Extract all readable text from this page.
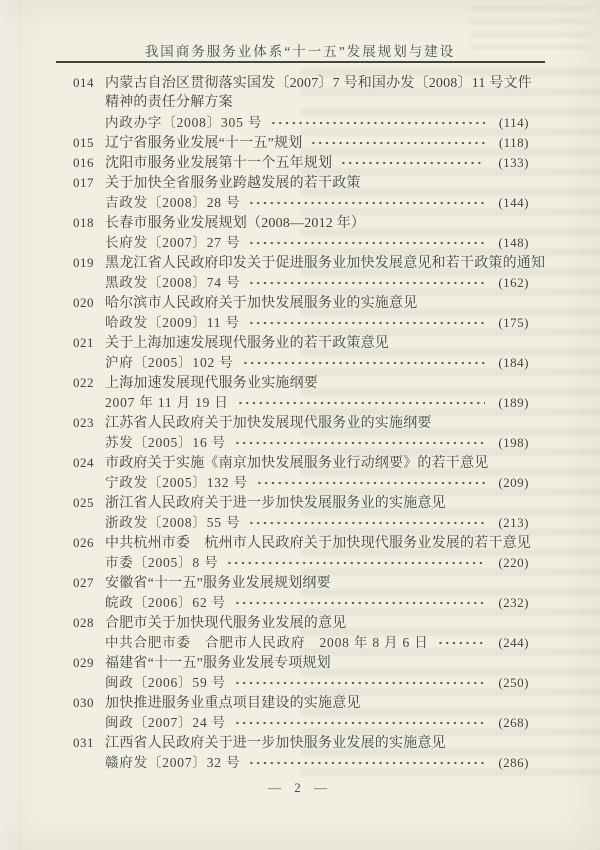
我国商务服务业体系“十一五”发展规划与建设
014 内蒙古自治区贯彻落实国发〔2007〕7 号和国办发〔2008〕11 号文件
精神的责任分解方案
内政办字〔2008〕305 号	(114)
015 辽宁省服务业发展“十一五”规划	(118)
016 沈阳市服务业发展第十一个五年规划	(133)
017 关于加快全省服务业跨越发展的若干政策
吉政发〔2008〕28 号	(144)
018 长春市服务业发展规划（2008—2012 年）
长府发〔2007〕27 号	(148)
019 黑龙江省人民政府印发关于促进服务业加快发展意见和若干政策的通知
黑政发〔2008〕74 号	(162)
020 哈尔滨市人民政府关于加快发展服务业的实施意见
哈政发〔2009〕11 号	(175)
021 关于上海加速发展现代服务业的若干政策意见
沪府〔2005〕102 号	(184)
022 上海加速发展现代服务业实施纲要
2007 年 11 月 19 日	(189)
023 江苏省人民政府关于加快发展现代服务业的实施纲要
苏发〔2005〕16 号	(198)
024 市政府关于实施《南京加快发展服务业行动纲要》的若干意见
宁政发〔2005〕132 号	(209)
025 浙江省人民政府关于进一步加快发展服务业的实施意见
浙政发〔2008〕55 号	(213)
026 中共杭州市委　杭州市人民政府关于加快现代服务业发展的若干意见
市委〔2005〕8 号	(220)
027 安徽省“十一五”服务业发展规划纲要
皖政〔2006〕62 号	(232)
028 合肥市关于加快现代服务业发展的意见
中共合肥市委　合肥市人民政府　2008 年 8 月 6 日	(244)
029 福建省“十一五”服务业发展专项规划
闽政〔2006〕59 号	(250)
030 加快推进服务业重点项目建设的实施意见
闽政〔2007〕24 号	(268)
031 江西省人民政府关于进一步加快服务业发展的实施意见
赣府发〔2007〕32 号	(286)
— 2 —
